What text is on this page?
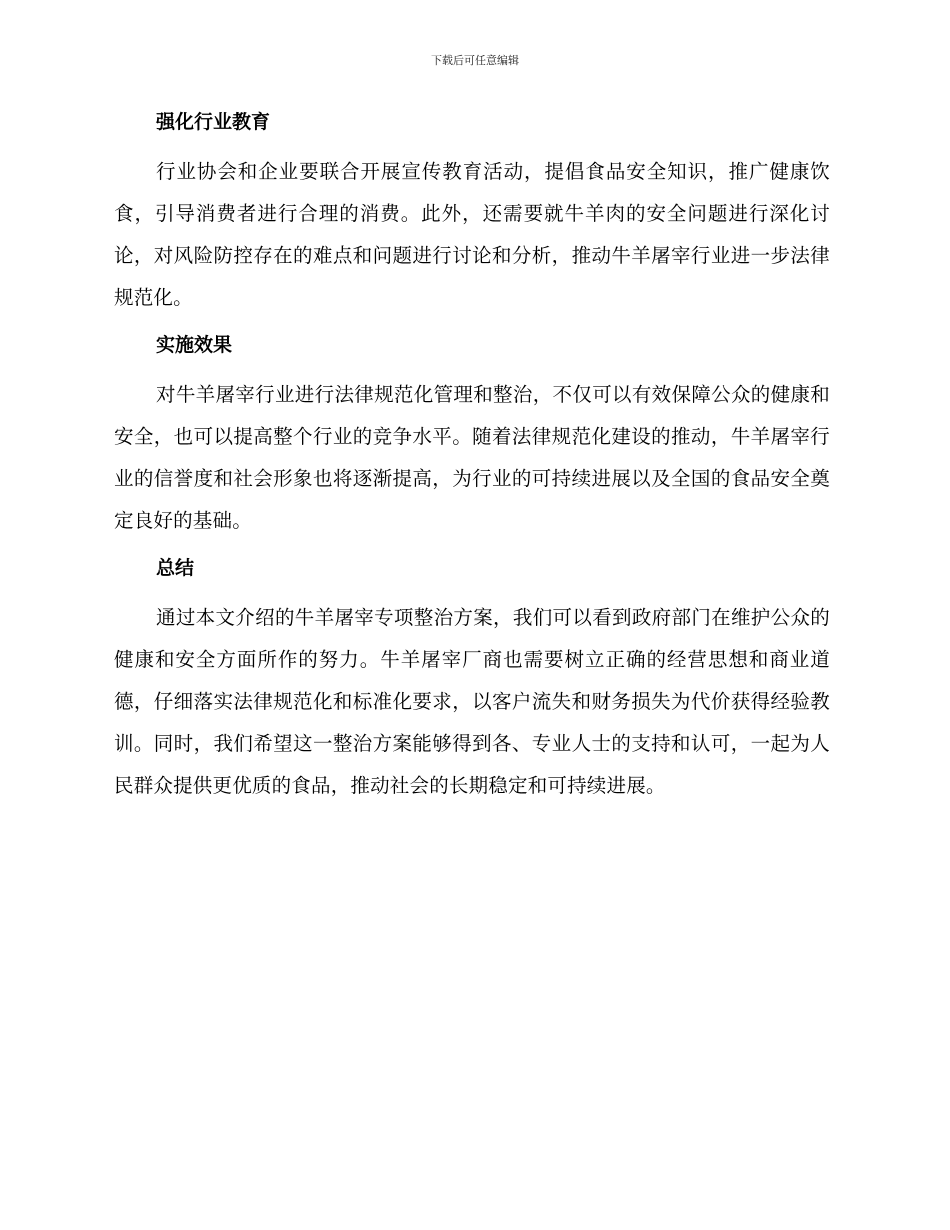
下载后可任意编辑
强化行业教育

行业协会和企业要联合开展宣传教育活动，提倡食品安全知识，推广健康饮食，引导消费者进行合理的消费。此外，还需要就牛羊肉的安全问题进行深化讨论，对风险防控存在的难点和问题进行讨论和分析，推动牛羊屠宰行业进一步法律规范化。

实施效果

对牛羊屠宰行业进行法律规范化管理和整治，不仅可以有效保障公众的健康和安全，也可以提高整个行业的竞争水平。随着法律规范化建设的推动，牛羊屠宰行业的信誉度和社会形象也将逐渐提高，为行业的可持续进展以及全国的食品安全奠定良好的基础。

总结

通过本文介绍的牛羊屠宰专项整治方案，我们可以看到政府部门在维护公众的健康和安全方面所作的努力。牛羊屠宰厂商也需要树立正确的经营思想和商业道德，仔细落实法律规范化和标准化要求，以客户流失和财务损失为代价获得经验教训。同时，我们希望这一整治方案能够得到各、专业人士的支持和认可，一起为人民群众提供更优质的食品，推动社会的长期稳定和可持续进展。
